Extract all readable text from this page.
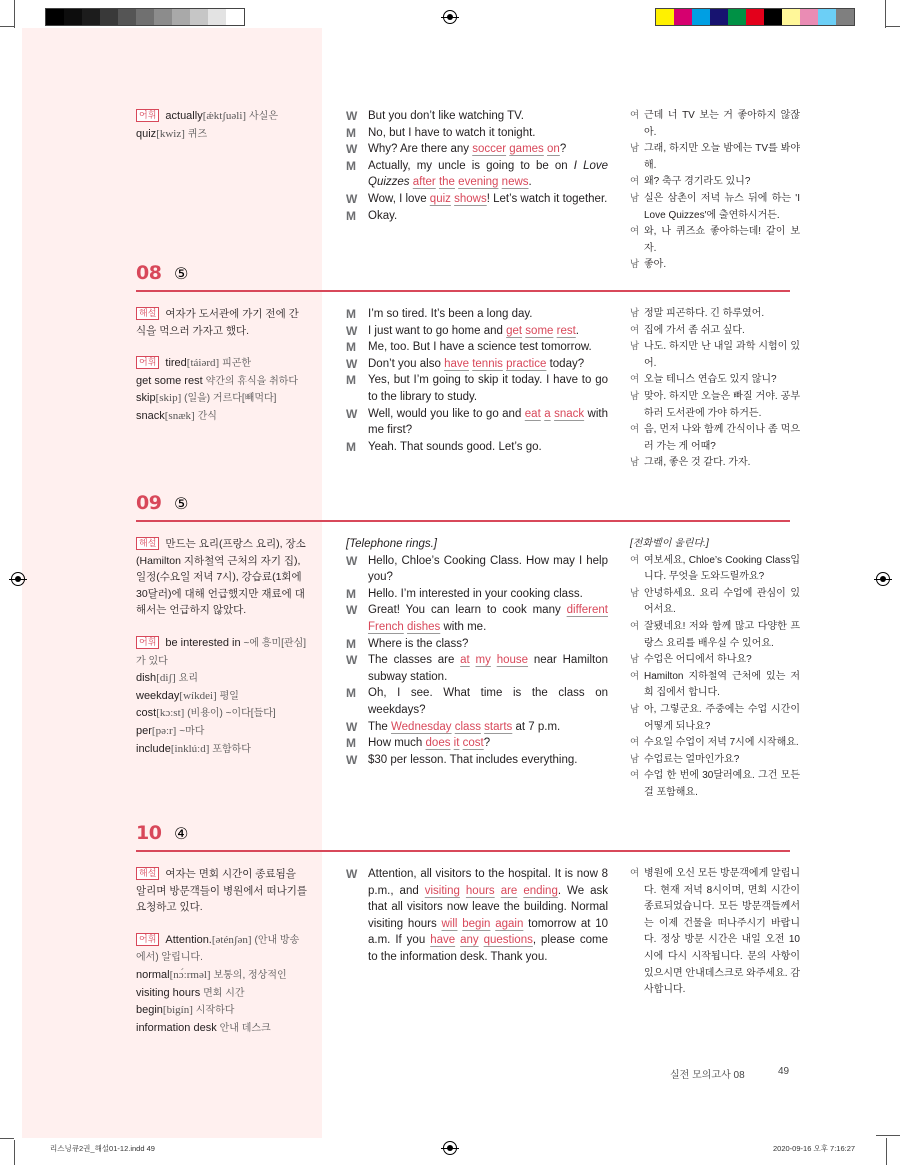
어휘 actually[ǽktʃuəli] 사실은
quiz[kwiz] 퀴즈
W But you don’t like watching TV.
M No, but I have to watch it tonight.
W Why? Are there any soccer games on?
M Actually, my uncle is going to be on I Love Quizzes after the evening news.
W Wow, I love quiz shows! Let’s watch it together.
M Okay.
여 근데 너 TV 보는 거 좋아하지 않잖아.
남 그래, 하지만 오늘 밤에는 TV를 봐야 해.
여 왜? 축구 경기라도 있니?
남 실은 삼촌이 저녁 뉴스 뒤에 하는 'I Love Quizzes'에 출연하시거든.
여 와, 나 퀴즈쇼 좋아하는데! 같이 보자.
남 좋아.
08 ⑤
해설 여자가 도서관에 가기 전에 간식을 먹으러 가자고 했다.
어휘 tired[táiərd] 피곤한
get some rest 약간의 휴식을 취하다
skip[skip] (일을) 거르다[빼먹다]
snack[snæk] 간식
M I’m so tired. It’s been a long day.
W I just want to go home and get some rest.
M Me, too. But I have a science test tomorrow.
W Don’t you also have tennis practice today?
M Yes, but I’m going to skip it today. I have to go to the library to study.
W Well, would you like to go and eat a snack with me first?
M Yeah. That sounds good. Let’s go.
남 정말 피곤하다. 긴 하루였어.
여 집에 가서 좀 쉬고 싶다.
남 나도. 하지만 난 내일 과학 시험이 있어.
여 오늘 테니스 연습도 있지 않니?
남 맞아. 하지만 오늘은 빠질 거야. 공부하러 도서관에 가야 하거든.
여 음, 먼저 나와 함께 간식이나 좀 먹으러 가는 게 어때?
남 그래, 좋은 것 같다. 가자.
09 ⑤
해설 만드는 요리(프랑스 요리), 장소(Hamilton 지하철역 근처의 자기 집), 일정(수요일 저녁 7시), 강습료(1회에 30달러)에 대해 언급했지만 재료에 대해서는 언급하지 않았다.
어휘 be interested in ~에 흥미[관심]가 있다
dish[diʃ] 요리
weekday[wíkdei] 평일
cost[kɔːst] (비용이) ~이다[들다]
per[pəːr] ~마다
include[inklúːd] 포함하다
[Telephone rings.]
W Hello, Chloe’s Cooking Class. How may I help you?
M Hello. I’m interested in your cooking class.
W Great! You can learn to cook many different French dishes with me.
M Where is the class?
W The classes are at my house near Hamilton subway station.
M Oh, I see. What time is the class on weekdays?
W The Wednesday class starts at 7 p.m.
M How much does it cost?
W $30 per lesson. That includes everything.
[전화벨이 울린다.]
여 여보세요, Chloe’s Cooking Class입니다. 무엇을 도와드릴까요?
남 안녕하세요. 요리 수업에 관심이 있어서요.
여 잘됐네요! 저와 함께 많고 다양한 프랑스 요리를 배우실 수 있어요.
남 수업은 어디에서 하나요?
여 Hamilton 지하철역 근처에 있는 저희 집에서 합니다.
남 아, 그렇군요. 주중에는 수업 시간이 어떻게 되나요?
여 수요일 수업이 저녁 7시에 시작해요.
남 수업료는 얼마인가요?
여 수업 한 번에 30달러예요. 그건 모든 걸 포함해요.
10 ④
해설 여자는 면회 시간이 종료됨을 알리며 방문객들이 병원에서 떠나기를 요청하고 있다.
어휘 Attention.[əténʃən] (안내 방송에서) 알립니다.
normal[nɔ́ːrməl] 보통의, 정상적인
visiting hours 면회 시간
begin[bigín] 시작하다
information desk 안내 데스크
W Attention, all visitors to the hospital. It is now 8 p.m., and visiting hours are ending. We ask that all visitors now leave the building. Normal visiting hours will begin again tomorrow at 10 a.m. If you have any questions, please come to the information desk. Thank you.
여 병원에 오신 모든 방문객에게 알립니다. 현재 저녁 8시이며, 면회 시간이 종료되었습니다. 모든 방문객들께서는 이제 건물을 떠나주시기 바랍니다. 정상 방문 시간은 내일 오전 10시에 다시 시작됩니다. 문의 사항이 있으시면 안내데스크로 와주세요. 감사합니다.
실전 모의고사 08	49
리스닝큐2권_해설01-12.indd 49	2020-09-16 오후 7:16:27
